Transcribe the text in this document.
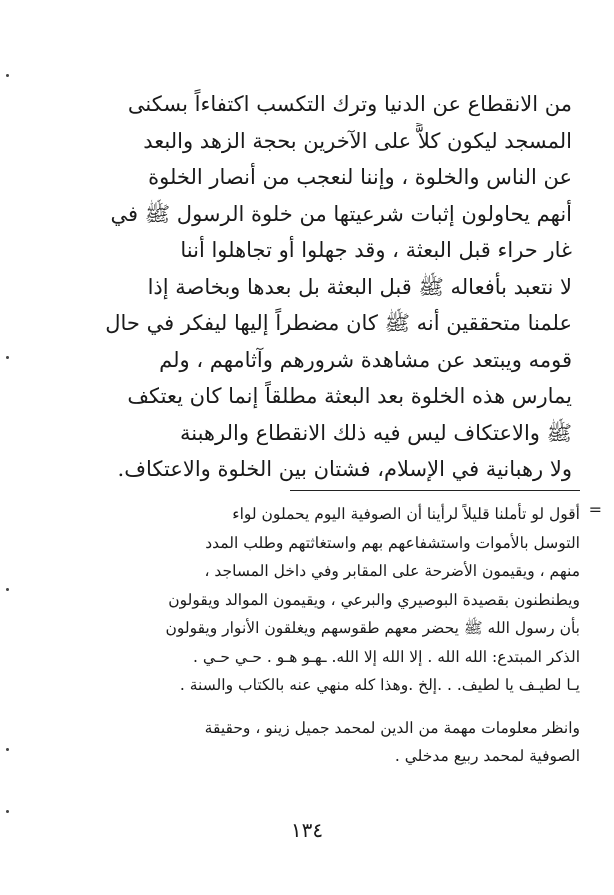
من الانقطاع عن الدنيا وترك التكسب اكتفاءاً بسكنى
المسجد ليكون كلاًّ على الآخرين بحجة الزهد والبعد
عن الناس والخلوة ، وإننا لنعجب من أنصار الخلوة
أنهم يحاولون إثبات شرعيتها من خلوة الرسول ﷺ في
غار حراء قبل البعثة ، وقد جهلوا أو تجاهلوا أننا
لا نتعبد بأفعاله ﷺ قبل البعثة بل بعدها وبخاصة إذا
علمنا متحققين أنه ﷺ كان مضطراً إليها ليفكر في حال
قومه ويبتعد عن مشاهدة شرورهم وآثامهم ، ولم
يمارس هذه الخلوة بعد البعثة مطلقاً إنما كان يعتكف
ﷺ والاعتكاف ليس فيه ذلك الانقطاع والرهبنة
ولا رهبانية في الإسلام، فشتان بين الخلوة والاعتكاف.
=
أقول لو تأملنا قليلاً لرأينا أن الصوفية اليوم يحملون لواء
التوسل بالأموات واستشفاعهم بهم واستغاثتهم وطلب المدد
منهم ، ويقيمون الأضرحة على المقابر وفي داخل المساجد ،
ويطنطنون بقصيدة البوصيري والبرعي ، ويقيمون الموالد ويقولون
بأن رسول الله ﷺ يحضر معهم طقوسهم ويغلقون الأنوار ويقولون
الذكر المبتدع: الله الله . إلا الله إلا الله. ـهـو هـو . حـي حـي .
يـا لطيـف يا لطيف. . .إلخ .وهذا كله منهي عنه بالكتاب والسنة .
وانظر معلومات مهمة من الدين لمحمد جميل زينو ، وحقيقة
الصوفية لمحمد ربيع مدخلي .
١٣٤
